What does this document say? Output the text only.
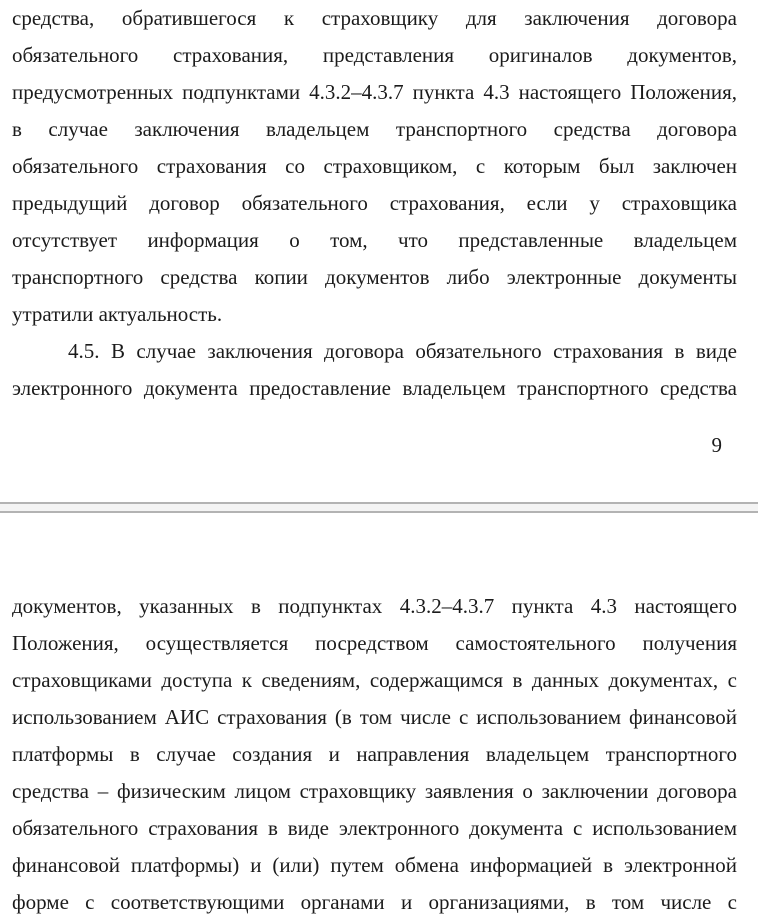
средства, обратившегося к страховщику для заключения договора
обязательного страхования, представления оригиналов документов,
предусмотренных подпунктами 4.3.2–4.3.7 пункта 4.3 настоящего Положения,
в случае заключения владельцем транспортного средства договора
обязательного страхования со страховщиком, с которым был заключен
предыдущий договор обязательного страхования, если у страховщика
отсутствует информация о том, что представленные владельцем
транспортного средства копии документов либо электронные документы
утратили актуальность.
4.5. В случае заключения договора обязательного страхования в виде
электронного документа предоставление владельцем транспортного средства
9
документов, указанных в подпунктах 4.3.2–4.3.7 пункта 4.3 настоящего
Положения, осуществляется посредством самостоятельного получения
страховщиками доступа к сведениям, содержащимся в данных документах, с
использованием АИС страхования (в том числе с использованием финансовой
платформы в случае создания и направления владельцем транспортного
средства – физическим лицом страховщику заявления о заключении договора
обязательного страхования в виде электронного документа с использованием
финансовой платформы) и (или) путем обмена информацией в электронной
форме с соответствующими органами и организациями, в том числе с
